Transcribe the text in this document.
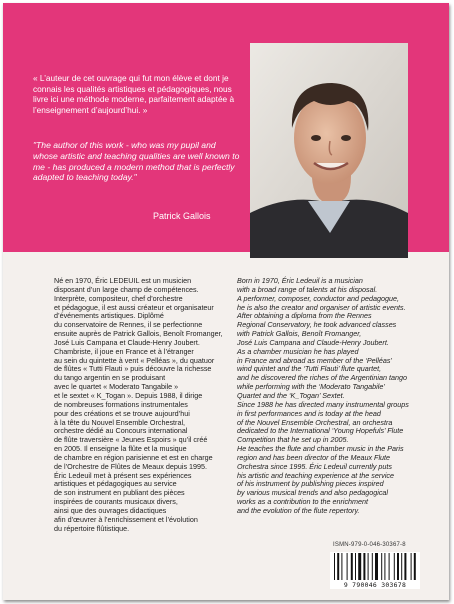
« L’auteur de cet ouvrage qui fut mon élève et dont je connais les qualités artistiques et pédagogiques, nous livre ici une méthode moderne, parfaitement adaptée à l’enseignement d’aujourd’hui. »
"The author of this work - who was my pupil and whose artistic and teaching qualities are well known to me - has produced a modern method that is perfectly adapted to teaching today."
Patrick Gallois
Né en 1970, Éric LEDEUIL est un musicien
disposant d’un large champ de compétences.
Interprète, compositeur, chef d’orchestre
et pédagogue, il est aussi créateur et organisateur
d’événements artistiques. Diplômé
du conservatoire de Rennes, il se perfectionne
ensuite auprès de Patrick Gallois, Benoît Fromanger,
José Luis Campana et Claude-Henry Joubert.
Chambriste, il joue en France et à l’étranger
au sein du quintette à vent « Pelléas », du quatuor
de flûtes « Tutti Flauti » puis découvre la richesse
du tango argentin en se produisant
avec le quartet « Moderato Tangabile »
et le sextet « K_Togan ». Depuis 1988, il dirige
de nombreuses formations instrumentales
pour des créations et se trouve aujourd’hui
à la tête du Nouvel Ensemble Orchestral,
orchestre dédié au Concours international
de flûte traversière « Jeunes Espoirs » qu’il créé
en 2005. Il enseigne la flûte et la musique
de chambre en région parisienne et est en charge
de l’Orchestre de Flûtes de Meaux depuis 1995.
Éric Ledeuil met à présent ses expériences
artistiques et pédagogiques au service
de son instrument en publiant des pièces
inspirées de courants musicaux divers,
ainsi que des ouvrages didactiques
afin d’œuvrer à l’enrichissement et l’évolution
du répertoire flûtistique.
Born in 1970, Éric Ledeuil is a musician
with a broad range of talents at his disposal.
A performer, composer, conductor and pedagogue,
he is also the creator and organiser of artistic events.
After obtaining a diploma from the Rennes
Regional Conservatory, he took advanced classes
with Patrick Gallois, Benoît Fromanger,
José Luis Campana and Claude-Henry Joubert.
As a chamber musician he has played
in France and abroad as member of the ‘Pelléas’
wind quintet and the ‘Tutti Flauti’ flute quartet,
and he discovered the riches of the Argentinian tango
while performing with the ‘Moderato Tangabile’
Quartet and the ‘K_Togan’ Sextet.
Since 1988 he has directed many instrumental groups
in first performances and is today at the head
of the Nouvel Ensemble Orchestral, an orchestra
dedicated to the International ‘Young Hopefuls’ Flute
Competition that he set up in 2005.
He teaches the flute and chamber music in the Paris
region and has been director of the Meaux Flute
Orchestra since 1995. Éric Ledeuil currently puts
his artistic and teaching experience at the service
of his instrument by publishing pieces inspired
by various musical trends and also pedagogical
works as a contribution to the enrichment
and the evolution of the flute repertory.
ISMN-979-0-046-30367-8
9 790046 303678
